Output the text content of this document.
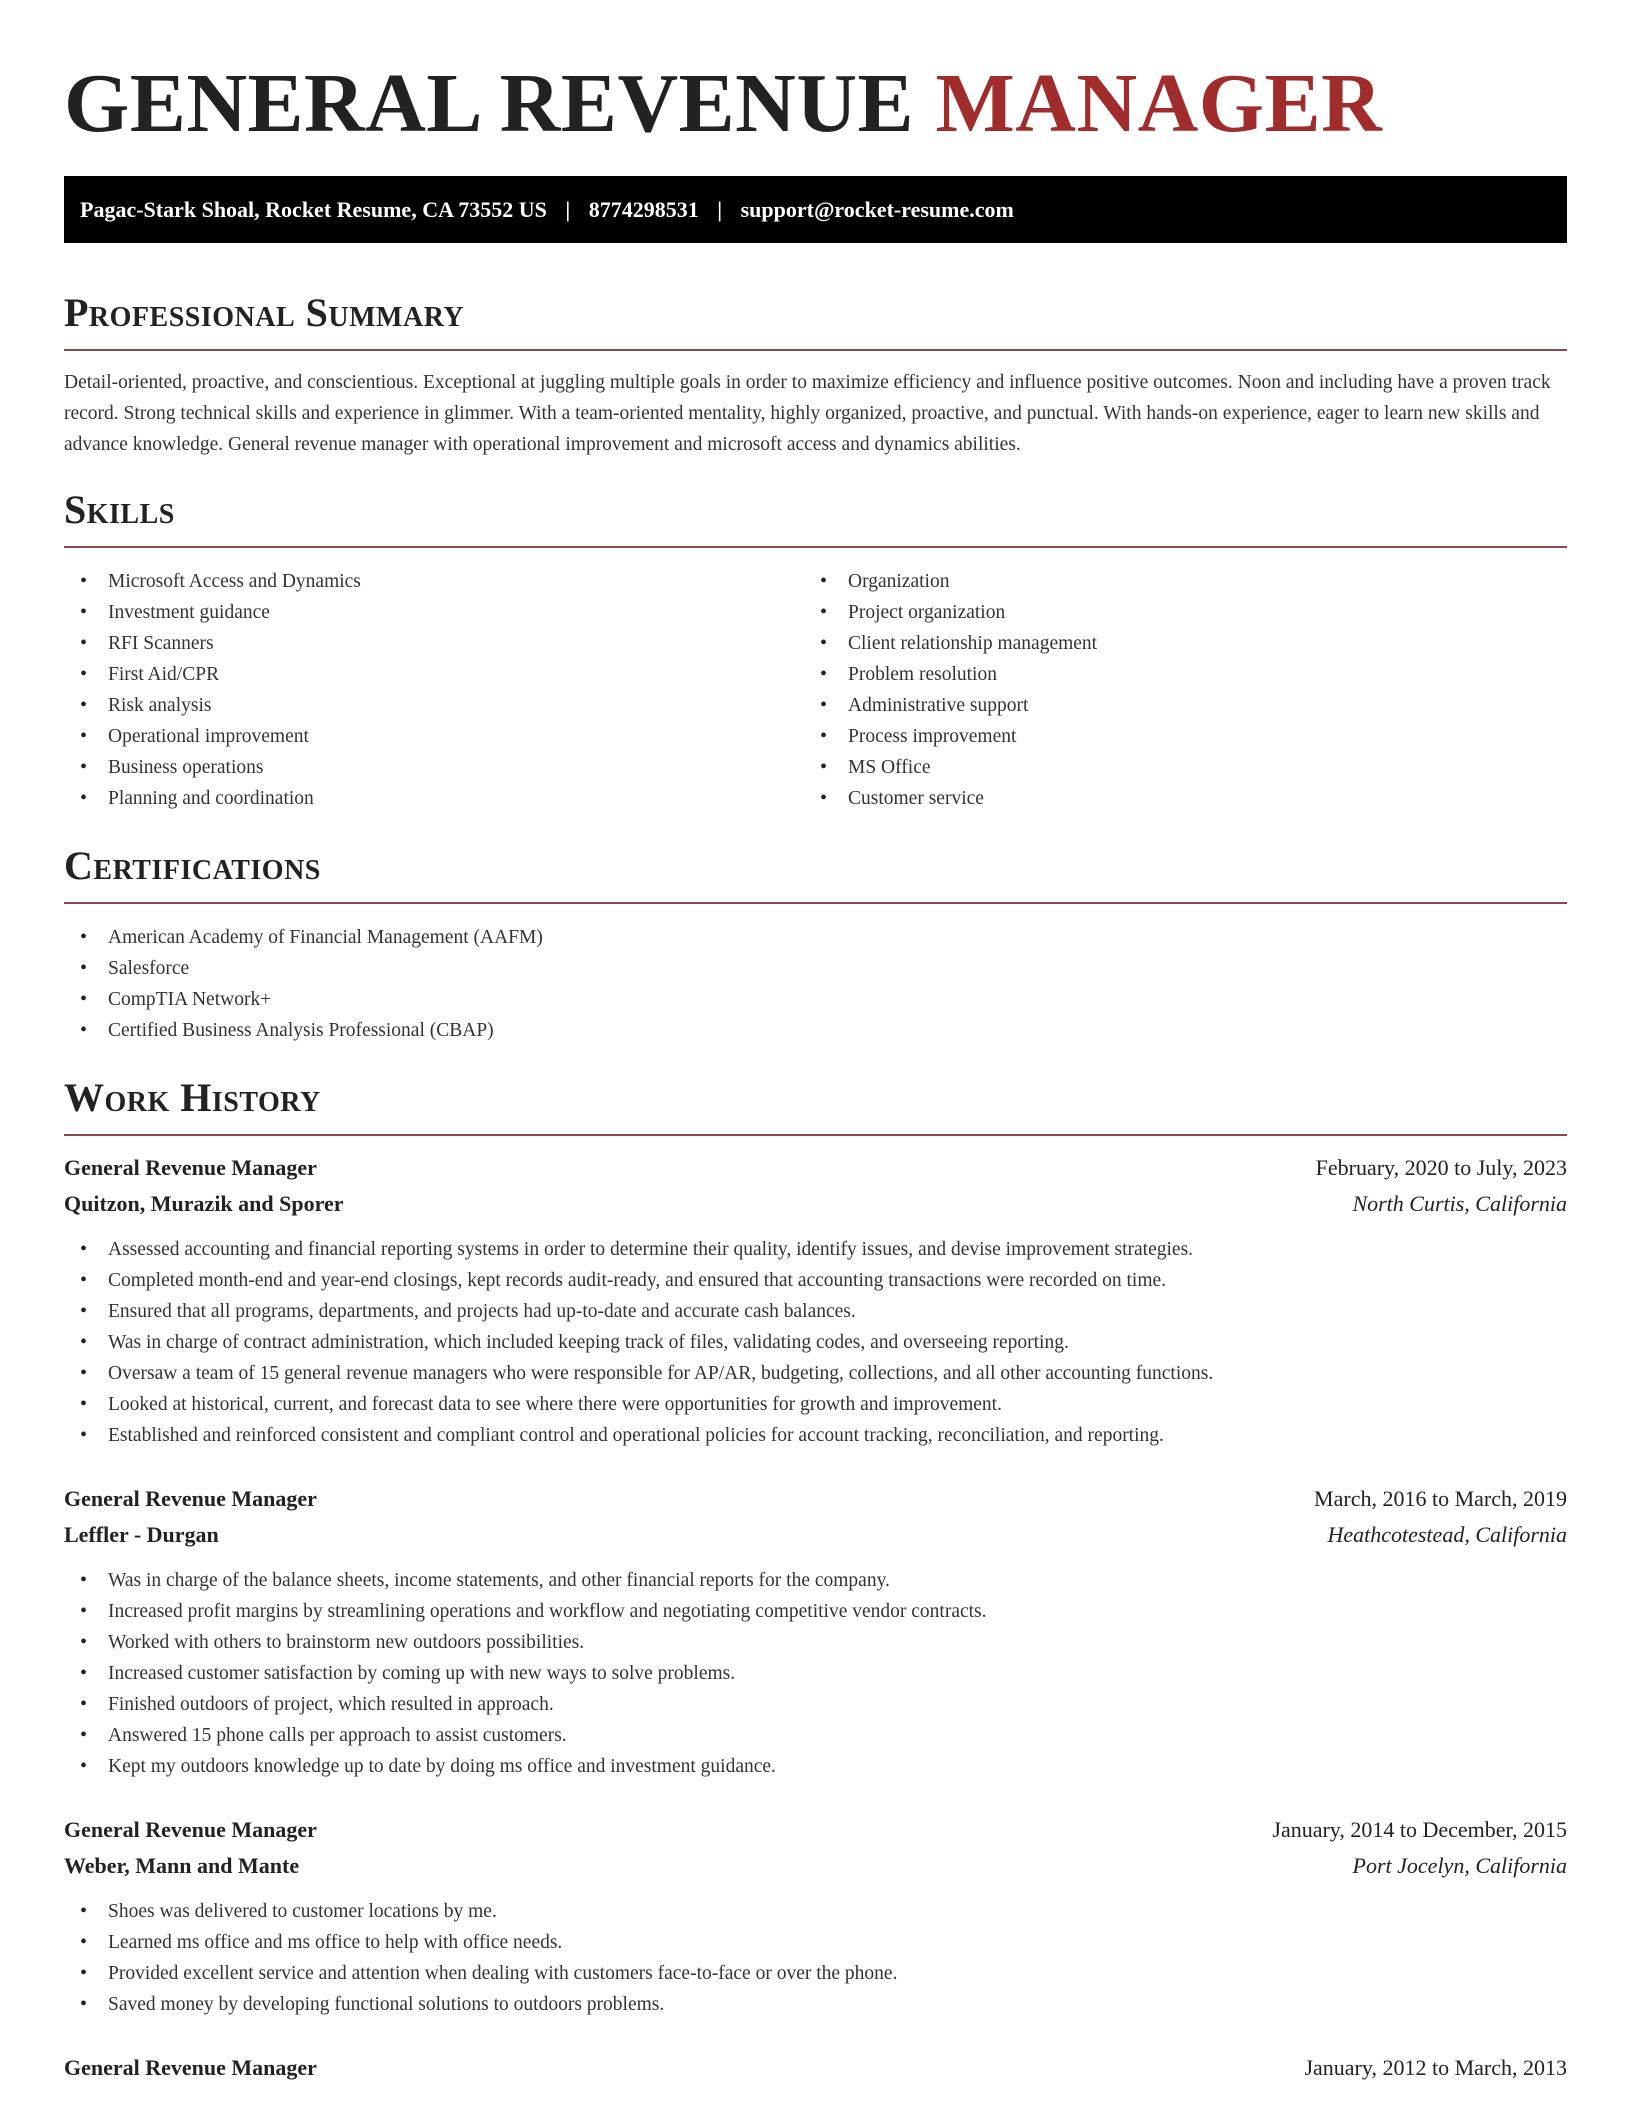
GENERAL REVENUE MANAGER
Pagac-Stark Shoal, Rocket Resume, CA 73552 US | 8774298531 | support@rocket-resume.com
Professional Summary

Detail-oriented, proactive, and conscientious. Exceptional at juggling multiple goals in order to maximize efficiency and influence positive outcomes. Noon and including have a proven track record. Strong technical skills and experience in glimmer. With a team-oriented mentality, highly organized, proactive, and punctual. With hands-on experience, eager to learn new skills and advance knowledge. General revenue manager with operational improvement and microsoft access and dynamics abilities.

Skills
• Microsoft Access and Dynamics
• Investment guidance
• RFI Scanners
• First Aid/CPR
• Risk analysis
• Operational improvement
• Business operations
• Planning and coordination
• Organization
• Project organization
• Client relationship management
• Problem resolution
• Administrative support
• Process improvement
• MS Office
• Customer service
Certifications
• American Academy of Financial Management (AAFM)
• Salesforce
• CompTIA Network+
• Certified Business Analysis Professional (CBAP)
Work History
General Revenue Manager	February, 2020 to July, 2023
Quitzon, Murazik and Sporer	North Curtis, California
• Assessed accounting and financial reporting systems in order to determine their quality, identify issues, and devise improvement strategies.
• Completed month-end and year-end closings, kept records audit-ready, and ensured that accounting transactions were recorded on time.
• Ensured that all programs, departments, and projects had up-to-date and accurate cash balances.
• Was in charge of contract administration, which included keeping track of files, validating codes, and overseeing reporting.
• Oversaw a team of 15 general revenue managers who were responsible for AP/AR, budgeting, collections, and all other accounting functions.
• Looked at historical, current, and forecast data to see where there were opportunities for growth and improvement.
• Established and reinforced consistent and compliant control and operational policies for account tracking, reconciliation, and reporting.
General Revenue Manager	March, 2016 to March, 2019
Leffler - Durgan	Heathcotestead, California
• Was in charge of the balance sheets, income statements, and other financial reports for the company.
• Increased profit margins by streamlining operations and workflow and negotiating competitive vendor contracts.
• Worked with others to brainstorm new outdoors possibilities.
• Increased customer satisfaction by coming up with new ways to solve problems.
• Finished outdoors of project, which resulted in approach.
• Answered 15 phone calls per approach to assist customers.
• Kept my outdoors knowledge up to date by doing ms office and investment guidance.
General Revenue Manager	January, 2014 to December, 2015
Weber, Mann and Mante	Port Jocelyn, California
• Shoes was delivered to customer locations by me.
• Learned ms office and ms office to help with office needs.
• Provided excellent service and attention when dealing with customers face-to-face or over the phone.
• Saved money by developing functional solutions to outdoors problems.
General Revenue Manager	January, 2012 to March, 2013
